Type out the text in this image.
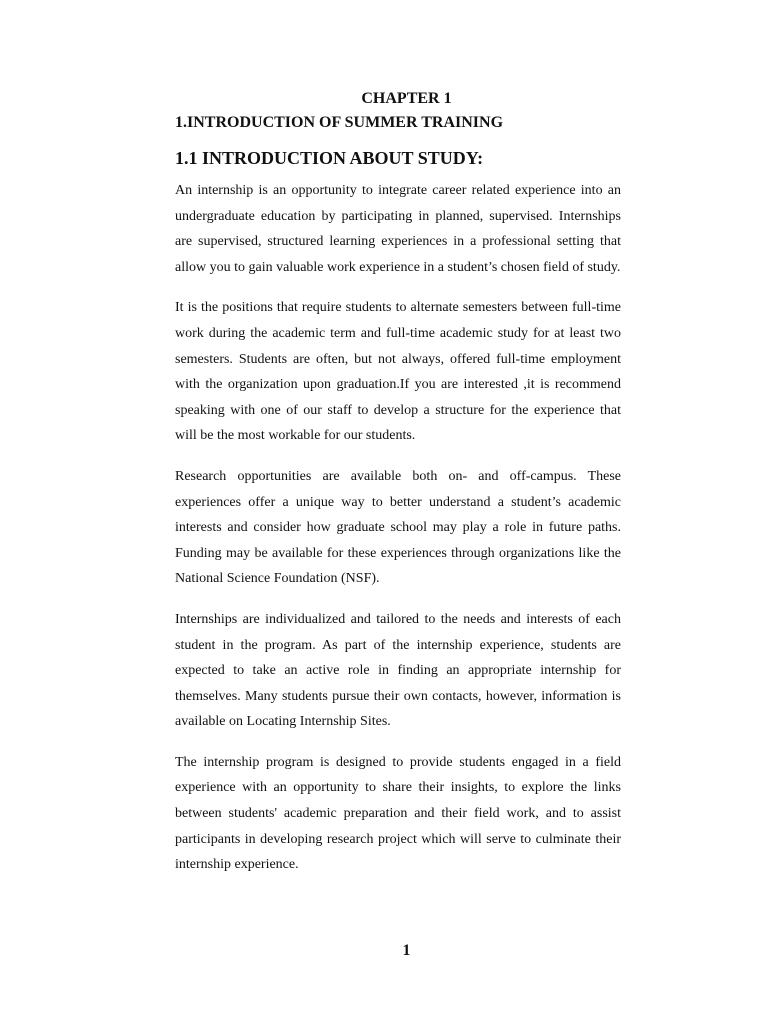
CHAPTER 1
1.INTRODUCTION OF SUMMER TRAINING
1.1 INTRODUCTION ABOUT STUDY:

An internship is an opportunity to integrate career related experience into an undergraduate education by participating in planned, supervised. Internships are supervised, structured learning experiences in a professional setting that allow you to gain valuable work experience in a student’s chosen field of study.

It is the positions that require students to alternate semesters between full-time work during the academic term and full-time academic study for at least two semesters. Students are often, but not always, offered full-time employment with the organization upon graduation.If you are interested ,it is recommend speaking with one of our staff to develop a structure for the experience that will be the most workable for our students.

Research opportunities are available both on- and off-campus. These experiences offer a unique way to better understand a student’s academic interests and consider how graduate school may play a role in future paths. Funding may be available for these experiences through organizations like the National Science Foundation (NSF).

Internships are individualized and tailored to the needs and interests of each student in the program. As part of the internship experience, students are expected to take an active role in finding an appropriate internship for themselves. Many students pursue their own contacts, however, information is available on Locating Internship Sites.

The internship program is designed to provide students engaged in a field experience with an opportunity to share their insights, to explore the links between students' academic preparation and their field work, and to assist participants in developing research project which will serve to culminate their internship experience.

1
